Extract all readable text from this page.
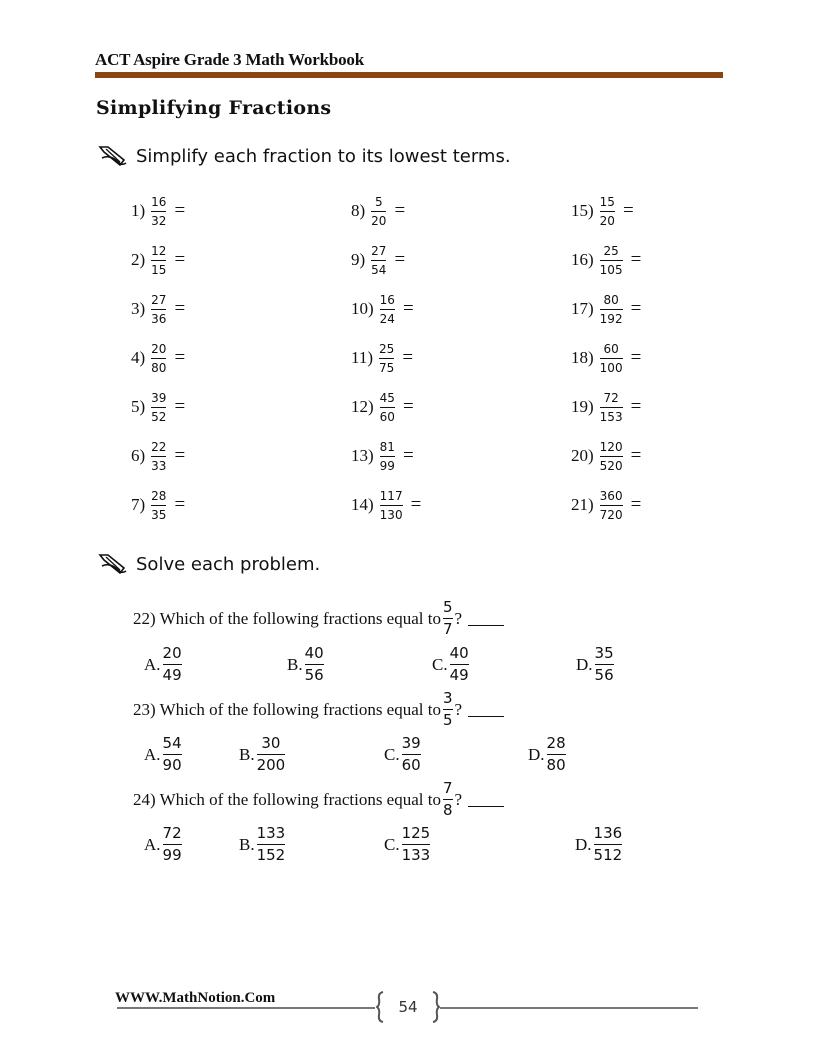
ACT Aspire Grade 3 Math Workbook
Simplifying Fractions
Simplify each fraction to its lowest terms.
$1) \frac{16}{32}$ =
$2) \frac{12}{15}$ =
$3) \frac{27}{36}$ =
$4) \frac{20}{80}$ =
$5) \frac{39}{52}$ =
$6) \frac{22}{33}$ =
$7) \frac{28}{35}$ =
$8) \frac{5}{20}$ =
$9) \frac{27}{54}$ =
$10) \frac{16}{24}$ =
$11) \frac{25}{75}$ =
$12) \frac{45}{60}$ =
$13) \frac{81}{99}$ =
$14) \frac{117}{130}$ =
$15) \frac{15}{20}$ =
$16) \frac{25}{105}$ =
$17) \frac{80}{192}$ =
$18) \frac{60}{100}$ =
$19) \frac{72}{153}$ =
$20) \frac{120}{520}$ =
$21) \frac{360}{720}$ =
Solve each problem.
22) Which of the following fractions equal to $\frac{5}{7}$ ?
A. $\frac{20}{49}$	B. $\frac{40}{56}$	C. $\frac{40}{49}$	D. $\frac{35}{56}$
23) Which of the following fractions equal to $\frac{3}{5}$ ?
A. $\frac{54}{90}$	B. $\frac{30}{200}$	C. $\frac{39}{60}$	D. $\frac{28}{80}$
24) Which of the following fractions equal to $\frac{7}{8}$ ?
A. $\frac{72}{99}$	B. $\frac{133}{152}$	C. $\frac{125}{133}$	D. $\frac{136}{512}$
WWW.MathNotion.Com	54
